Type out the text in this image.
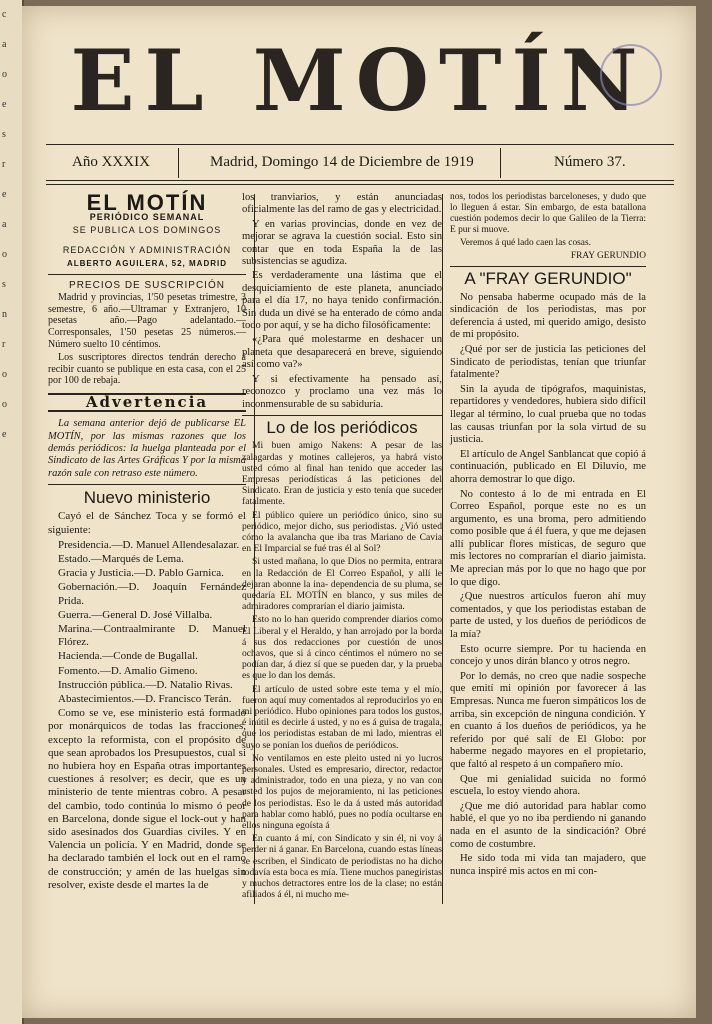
c
a
o
e
s
r
e
a
o
s
n
r
o
o
e
EL MOTÍN
Año XXXIX	Madrid, Domingo 14 de Diciembre de 1919	Número 37.
EL MOTÍN
PERIÓDICO SEMANAL
SE PUBLICA LOS DOMINGOS
REDACCIÓN Y ADMINISTRACIÓN
ALBERTO AGUILERA, 52, MADRID
PRECIOS DE SUSCRIPCIÓN

Madrid y provincias, 1'50 pesetas trimestre, 3 semestre, 6 año.—Ultramar y Extranjero, 10 pesetas año.—Pago adelantado.—Corresponsales, 1'50 pesetas 25 números.—Número suelto 10 céntimos.

Los suscriptores directos tendrán derecho á recibir cuanto se publique en esta casa, con el 25 por 100 de rebaja.

Advertencia

La semana anterior dejó de publicarse EL MOTÍN, por las mismas razones que los demás periódicos: la huelga planteada por el Sindicato de las Artes Gráficas Y por la misma razón sale con retraso este número.

Nuevo ministerio

Cayó el de Sánchez Toca y se formó el siguiente:

Presidencia.—D. Manuel Allendesalazar.

Estado.—Marqués de Lema.

Gracia y Justicia.—D. Pablo Garnica.

Gobernación.—D. Joaquín Fernández Prida.

Guerra.—General D. José Villalba.

Marina.—Contraalmirante D. Manuel Flórez.

Hacienda.—Conde de Bugallal.

Fomento.—D. Amalio Gimeno.

Instrucción pública.—D. Natalio Rivas.

Abastecimientos.—D. Francisco Terán.

Como se ve, ese ministerio está formado por monárquicos de todas las fracciones, excepto la reformista, con el propósito de que sean aprobados los Presupuestos, cual si no hubiera hoy en España otras importantes cuestiones á resolver; es decir, que es un ministerio de tente mientras cobro. A pesar del cambio, todo continúa lo mismo ó peor en Barcelona, donde sigue el lock-out y han sido asesinados dos Guardias civiles. Y en Valencia un policía. Y en Madrid, donde se ha declarado también el lock out en el ramo de construcción; y amén de las huelgas sin resolver, existe desde el martes la de

los tranviarios, y están anunciadas oficialmente las del ramo de gas y electricidad.

Y en varias provincias, donde en vez de mejorar se agrava la cuestión social. Esto sin contar que en toda España la de las subsistencias se agudiza.

Es verdaderamente una lástima que el desquiciamiento de este planeta, anunciado para el día 17, no haya tenido confirmación. Sin duda un divé se ha enterado de cómo anda todo por aquí, y se ha dicho filosóficamente:

«¿Para qué molestarme en deshacer un planeta que desaparecerá en breve, siguiendo así como va?»

Y si efectivamente ha pensado así, reconozco y proclamo una vez más lo inconmensurable de su sabiduría.

Lo de los periódicos

Mi buen amigo Nakens: A pesar de las zalagardas y motines callejeros, ya habrá visto usted cómo al final han tenido que acceder las Empresas periodísticas á las peticiones del Sindicato. Eran de justicia y esto tenía que suceder fatalmente.

El público quiere un periódico único, sino su periódico, mejor dicho, sus periodistas. ¿Vió usted cómo la avalancha que iba tras Mariano de Cavia en El Imparcial se fué tras él al Sol?

Si usted mañana, lo que Dios no permita, entrara en la Redacción de El Correo Español, y allí le dejaran abonne la ina- dependencia de su pluma, se quedaría EL MOTÍN en blanco, y sus miles de admiradores comprarían el diario jaimista.

Esto no lo han querido comprender diarios como El Liberal y el Heraldo, y han arrojado por la borda á sus dos redacciones por cuestión de unos ochavos, que si á cinco céntimos el número no se podían dar, á diez sí que se pueden dar, y la prueba es que lo dan los demás.

El artículo de usted sobre este tema y el mío, fueron aquí muy comentados al reproducirlos yo en mi periódico. Hubo opiniones para todos los gustos, é inútil es decirle á usted, y no es á guisa de tragala, que los periodistas estaban de mi lado, mientras el suyo se ponían los dueños de periódicos.

No ventilamos en este pleito usted ni yo lucros personales. Usted es empresario, director, redactor y administrador, todo en una pieza, y no van con usted los pujos de mejoramiento, ni las peticiones de los periodistas. Eso le da á usted más autoridad para hablar como habló, pues no podía ocultarse en ellos ninguna egoísta á

En cuanto á mí, con Sindicato y sin él, ni voy á perder ni á ganar. En Barcelona, cuando estas líneas se escriben, el Sindicato de periodistas no ha dicho todavía esta boca es mía. Tiene muchos panegiristas y muchos detractores entre los de la clase; no están afiliados á él, ni mucho me-

nos, todos los periodistas barceloneses, y dudo que lo lleguen á estar. Sin embargo, de esta batallona cuestión podemos decir lo que Galileo de la Tierra: E pur si muove.

Veremos á qué lado caen las cosas.

FRAY GERUNDIO

A "FRAY GERUNDIO"

No pensaba haberme ocupado más de la sindicación de los periodistas, mas por deferencia á usted, mi querido amigo, desisto de mi propósito.

¿Qué por ser de justicia las peticiones del Sindicato de periodistas, tenían que triunfar fatalmente?

Sin la ayuda de tipógrafos, maquinistas, repartidores y vendedores, hubiera sido difícil llegar al término, lo cual prueba que no todas las causas triunfan por la sola virtud de su justicia.

El artículo de Angel Sanblancat que copió á continuación, publicado en El Diluvio, me ahorra demostrar lo que digo.

No contesto á lo de mi entrada en El Correo Español, porque este no es un argumento, es una broma, pero admitiendo como posible que á él fuera, y que me dejasen allí publicar flores místicas, de seguro que mis lectores no comprarían el diario jaimista. Me aprecian más por lo que no hago que por lo que digo.

¿Que nuestros artículos fueron ahí muy comentados, y que los periodistas estaban de parte de usted, y los dueños de periódicos de la mía?

Esto ocurre siempre. Por tu hacienda en concejo y unos dirán blanco y otros negro.

Por lo demás, no creo que nadie sospeche que emití mi opinión por favorecer á las Empresas. Nunca me fueron simpáticos los de arriba, sin excepción de ninguna condición. Y en cuanto á los dueños de periódicos, ya he referido por qué salí de El Globo: por haberme negado mayores en el propietario, que faltó al respeto á un compañero mío.

Que mi genialidad suicida no formó escuela, lo estoy viendo ahora.

¿Que me dió autoridad para hablar como hablé, el que yo no iba perdiendo ni ganando nada en el asunto de la sindicación? Obré como de costumbre.

He sido toda mi vida tan majadero, que nunca inspiré mis actos en mi con-
